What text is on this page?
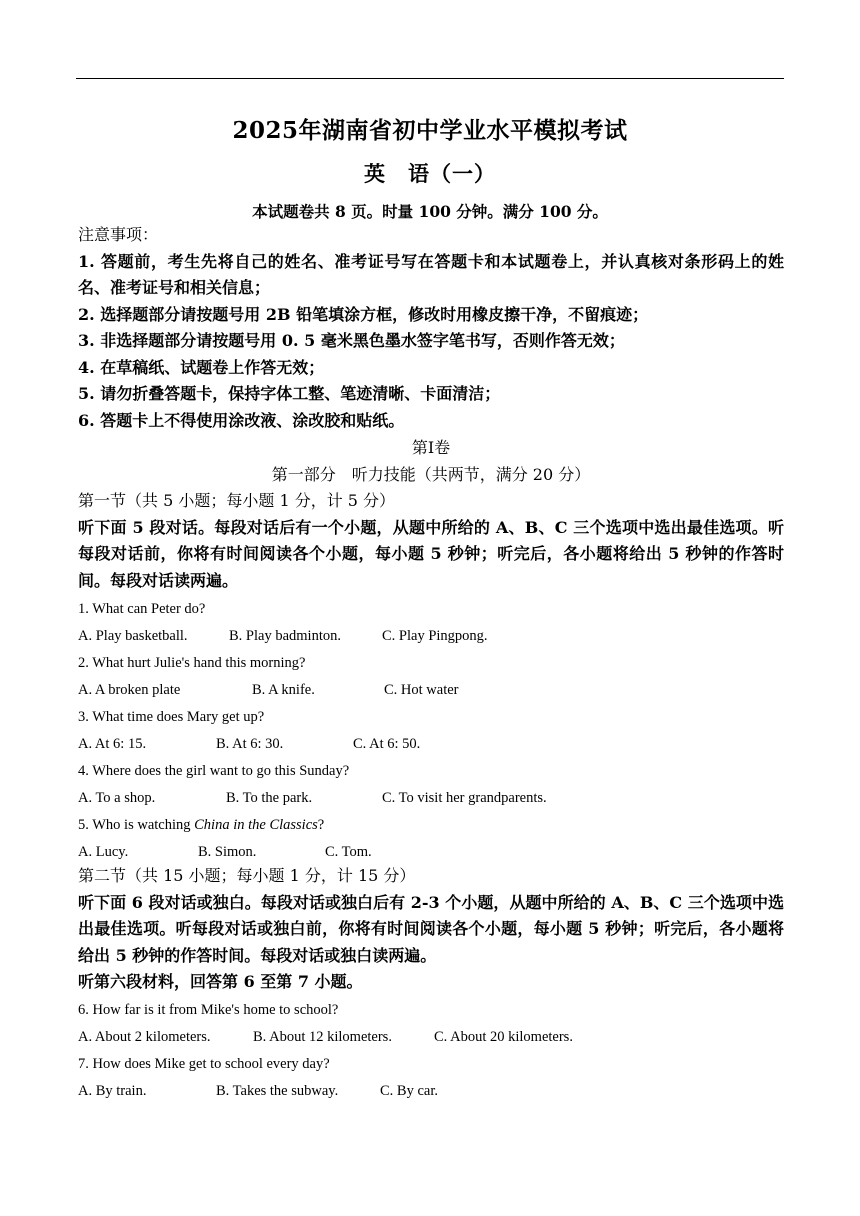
2025年湖南省初中学业水平模拟考试
英　语（一）
本试题卷共 8 页。时量 100 分钟。满分 100 分。
注意事项：
1. 答题前，考生先将自己的姓名、准考证号写在答题卡和本试题卷上，并认真核对条形码上的姓名、准考证号和相关信息；
2. 选择题部分请按题号用 2B 铅笔填涂方框，修改时用橡皮擦干净，不留痕迹；
3. 非选择题部分请按题号用 0. 5 毫米黑色墨水签字笔书写，否则作答无效；
4. 在草稿纸、试题卷上作答无效；
5. 请勿折叠答题卡，保持字体工整、笔迹清晰、卡面清洁；
6. 答题卡上不得使用涂改液、涂改胶和贴纸。
第Ⅰ卷
第一部分　听力技能（共两节，满分 20 分）
第一节（共 5 小题；每小题 1 分，计 5 分）
听下面 5 段对话。每段对话后有一个小题，从题中所给的 A、B、C 三个选项中选出最佳选项。听每段对话前，你将有时间阅读各个小题，每小题 5 秒钟；听完后，各小题将给出 5 秒钟的作答时间。每段对话读两遍。
1. What can Peter do?
A. Play basketball.	B. Play badminton.	C. Play Pingpong.
2. What hurt Julie's hand this morning?
A. A broken plate	B. A knife.	C. Hot water
3. What time does Mary get up?
A. At 6: 15.	B. At 6: 30.	C. At 6: 50.
4. Where does the girl want to go this Sunday?
A. To a shop.	B. To the park.	C. To visit her grandparents.
5. Who is watching China in the Classics?
A. Lucy.	B. Simon.	C. Tom.
第二节（共 15 小题；每小题 1 分，计 15 分）
听下面 6 段对话或独白。每段对话或独白后有 2-3 个小题，从题中所给的 A、B、C 三个选项中选出最佳选项。听每段对话或独白前，你将有时间阅读各个小题，每小题 5 秒钟；听完后，各小题将给出 5 秒钟的作答时间。每段对话或独白读两遍。
听第六段材料，回答第 6 至第 7 小题。
6. How far is it from Mike's home to school?
A. About 2 kilometers.	B. About 12 kilometers.	C. About 20 kilometers.
7. How does Mike get to school every day?
A. By train.	B. Takes the subway.	C. By car.
